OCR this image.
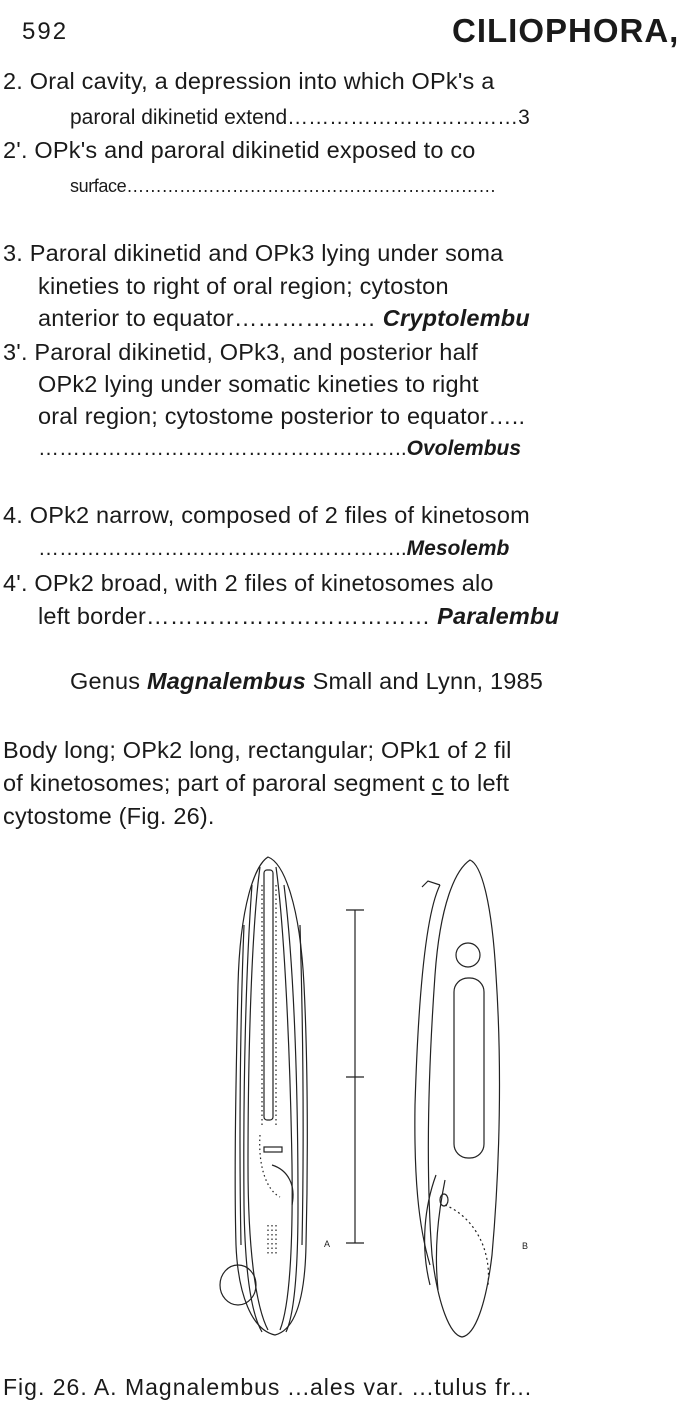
592	CILIOPHORA,
2. Oral cavity, a depression into which OPk's a
paroral dikinetid extend……………………………3
2'. OPk's and paroral dikinetid exposed to co
surface………………………………………………………
3. Paroral dikinetid and OPk3 lying under soma
kineties to right of oral region; cytoston
anterior to equator……………… Cryptolembu
3'. Paroral dikinetid, OPk3, and posterior half
OPk2 lying under somatic kineties to right
oral region; cytostome posterior to equator…..
……………………………………………..Ovolembus
4. OPk2 narrow, composed of 2 files of kinetosom
……………………………………………..Mesolemb
4'. OPk2 broad, with 2 files of kinetosomes alo
left border……………………………… Paralembu
Genus Magnalembus Small and Lynn, 1985
Body long; OPk2 long, rectangular; OPk1 of 2 fil
of kinetosomes; part of paroral segment c to left
cytostome (Fig. 26).
A	B
Fig. 26. A. Magnalembus ...ales var. ...tulus fr...
